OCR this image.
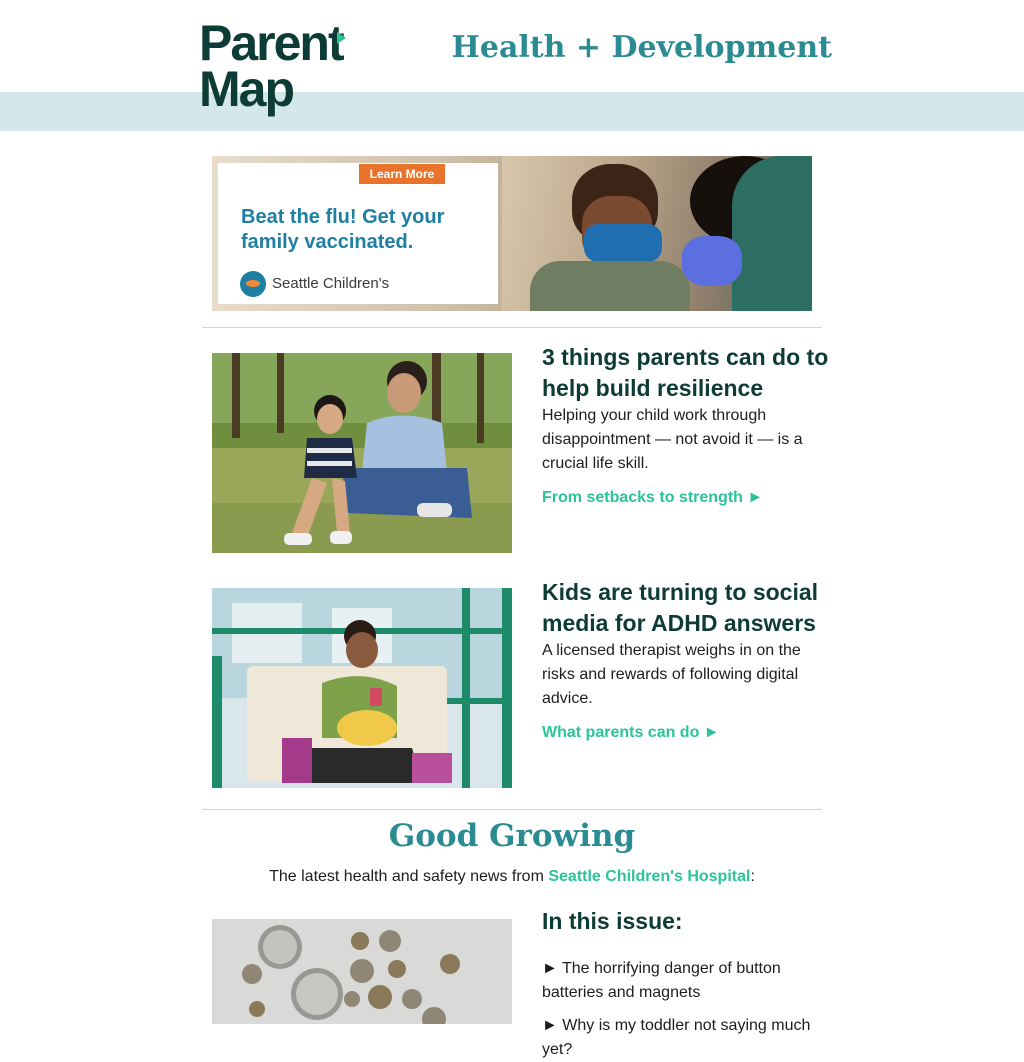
Parent
Map
Health + Development
Learn More
Beat the flu! Get your family vaccinated.
Seattle Children's
3 things parents can do to help build resilience
Helping your child work through disappointment — not avoid it — is a crucial life skill.
From setbacks to strength ►
Kids are turning to social media for ADHD answers
A licensed therapist weighs in on the risks and rewards of following digital advice.
What parents can do ►
Good Growing
The latest health and safety news from Seattle Children's Hospital:
In this issue:
► The horrifying danger of button batteries and magnets
► Why is my toddler not saying much yet?
